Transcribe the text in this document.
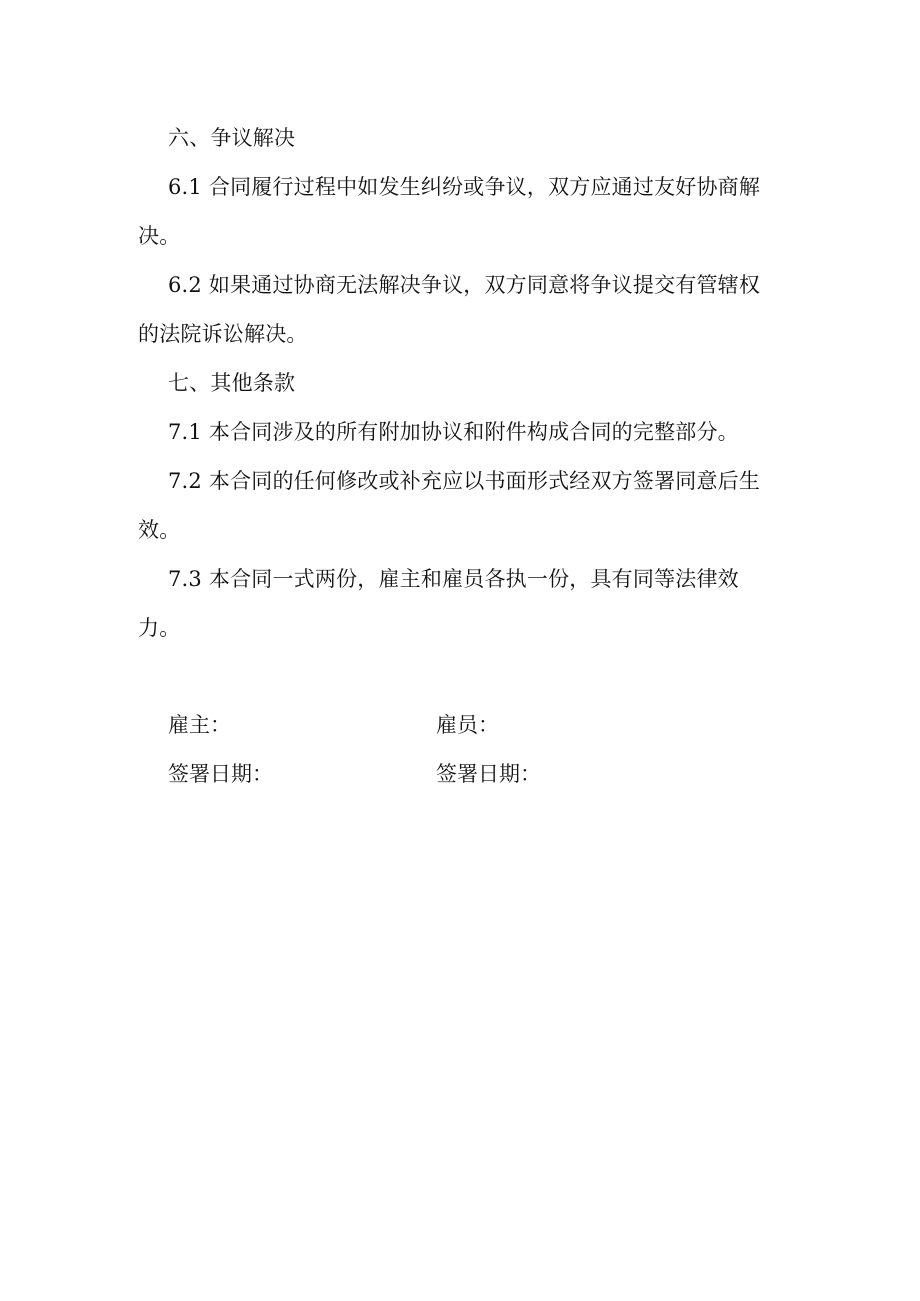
六、争议解决
6.1 合同履行过程中如发生纠纷或争议，双方应通过友好协商解
决。
6.2 如果通过协商无法解决争议，双方同意将争议提交有管辖权
的法院诉讼解决。
七、其他条款
7.1 本合同涉及的所有附加协议和附件构成合同的完整部分。
7.2 本合同的任何修改或补充应以书面形式经双方签署同意后生
效。
7.3 本合同一式两份，雇主和雇员各执一份，具有同等法律效
力。
雇主：	雇员：
签署日期：	签署日期：
